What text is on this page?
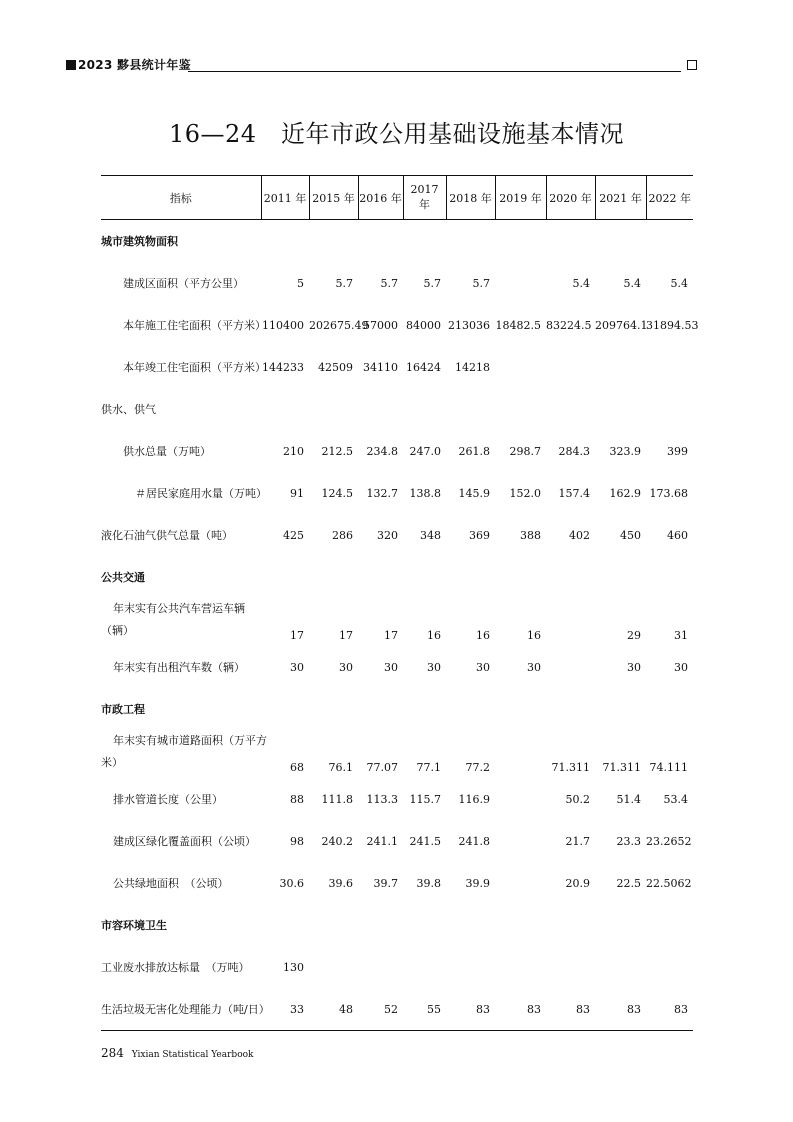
2023 黟县统计年鉴
16—24　近年市政公用基础设施基本情况
指标	2011 年	2015 年	2016 年	2017 年	2018 年	2019 年	2020 年	2021 年	2022 年
城市建筑物面积									
建成区面积（平方公里）	5	5.7	5.7	5.7	5.7		5.4	5.4	5.4
本年施工住宅面积（平方米）	110400	202675.49	57000	84000	213036	18482.5	83224.5	209764.1	31894.53
本年竣工住宅面积（平方米）	144233	42509	34110	16424	14218				
供水、供气									
供水总量（万吨）	210	212.5	234.8	247.0	261.8	298.7	284.3	323.9	399
＃居民家庭用水量（万吨）	91	124.5	132.7	138.8	145.9	152.0	157.4	162.9	173.68
液化石油气供气总量（吨）	425	286	320	348	369	388	402	450	460
公共交通									

年末实有公共汽车营运车辆
（辆）	17	17	17	16	16	16		29	31
年末实有出租汽车数（辆）	30	30	30	30	30	30		30	30
市政工程									

年末实有城市道路面积（万平方
米）	68	76.1	77.07	77.1	77.2		71.311	71.311	74.111
排水管道长度（公里）	88	111.8	113.3	115.7	116.9		50.2	51.4	53.4
建成区绿化覆盖面积（公顷）	98	240.2	241.1	241.5	241.8		21.7	23.3	23.2652
公共绿地面积　（公顷）	30.6	39.6	39.7	39.8	39.9		20.9	22.5	22.5062
市容环境卫生									
工业废水排放达标量　（万吨）	130								
生活垃圾无害化处理能力（吨/日）	33	48	52	55	83	83	83	83	83
284 Yixian Statistical Yearbook
